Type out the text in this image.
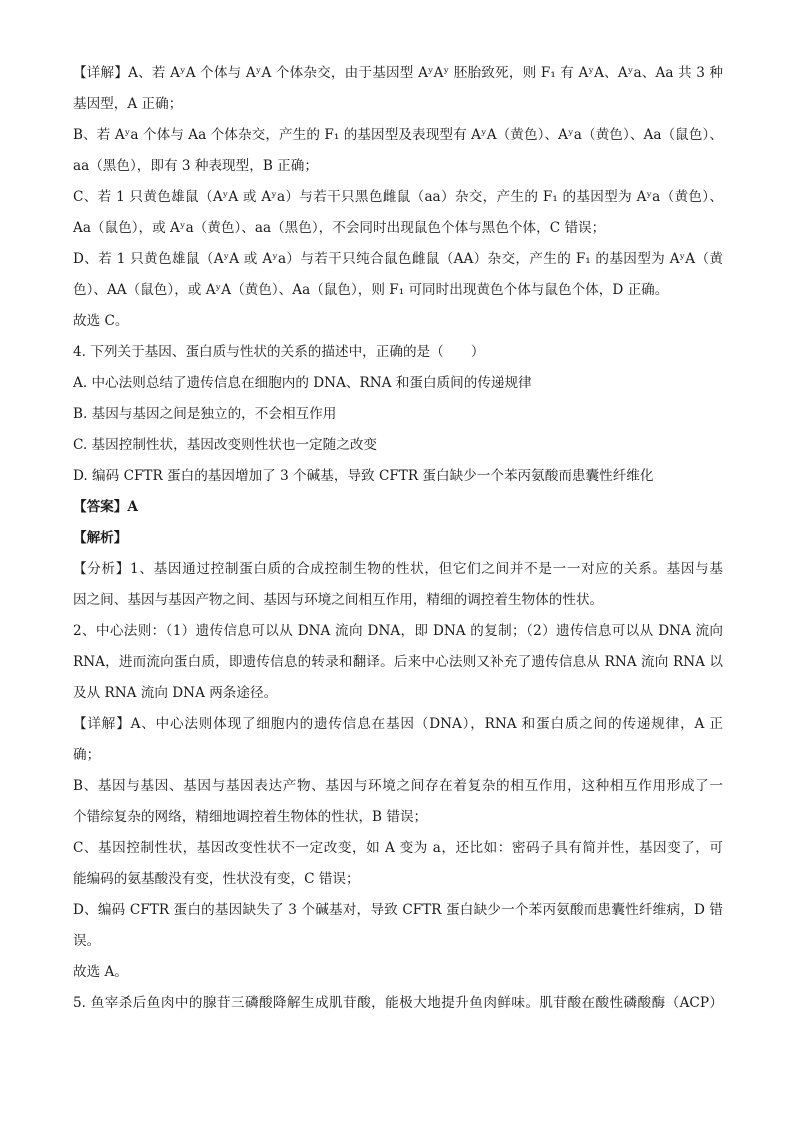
【详解】A、若 AʸA 个体与 AʸA 个体杂交，由于基因型 AʸAʸ 胚胎致死，则 F₁ 有 AʸA、Aʸa、Aa 共 3 种
基因型，A 正确；
B、若 Aʸa 个体与 Aa 个体杂交，产生的 F₁ 的基因型及表现型有 AʸA（黄色）、Aʸa（黄色）、Aa（鼠色）、
aa（黑色），即有 3 种表现型，B 正确；
C、若 1 只黄色雄鼠（AʸA 或 Aʸa）与若干只黑色雌鼠（aa）杂交，产生的 F₁ 的基因型为 Aʸa（黄色）、
Aa（鼠色），或 Aʸa（黄色）、aa（黑色），不会同时出现鼠色个体与黑色个体，C 错误；
D、若 1 只黄色雄鼠（AʸA 或 Aʸa）与若干只纯合鼠色雌鼠（AA）杂交，产生的 F₁ 的基因型为 AʸA（黄
色）、AA（鼠色），或 AʸA（黄色）、Aa（鼠色），则 F₁ 可同时出现黄色个体与鼠色个体，D 正确。
故选 C。
4. 下列关于基因、蛋白质与性状的关系的描述中，正确的是（　　）
A. 中心法则总结了遗传信息在细胞内的 DNA、RNA 和蛋白质间的传递规律
B. 基因与基因之间是独立的，不会相互作用
C. 基因控制性状，基因改变则性状也一定随之改变
D. 编码 CFTR 蛋白的基因增加了 3 个碱基，导致 CFTR 蛋白缺少一个苯丙氨酸而患囊性纤维化
【答案】A
【解析】
【分析】1、基因通过控制蛋白质的合成控制生物的性状，但它们之间并不是一一对应的关系。基因与基
因之间、基因与基因产物之间、基因与环境之间相互作用，精细的调控着生物体的性状。
2、中心法则：（1）遗传信息可以从 DNA 流向 DNA，即 DNA 的复制；（2）遗传信息可以从 DNA 流向
RNA，进而流向蛋白质，即遗传信息的转录和翻译。后来中心法则又补充了遗传信息从 RNA 流向 RNA 以
及从 RNA 流向 DNA 两条途径。
【详解】A、中心法则体现了细胞内的遗传信息在基因（DNA），RNA 和蛋白质之间的传递规律，A 正
确；
B、基因与基因、基因与基因表达产物、基因与环境之间存在着复杂的相互作用，这种相互作用形成了一
个错综复杂的网络，精细地调控着生物体的性状，B 错误；
C、基因控制性状，基因改变性状不一定改变，如 A 变为 a，还比如：密码子具有简并性，基因变了，可
能编码的氨基酸没有变，性状没有变，C 错误；
D、编码 CFTR 蛋白的基因缺失了 3 个碱基对，导致 CFTR 蛋白缺少一个苯丙氨酸而患囊性纤维病，D 错
误。
故选 A。
5. 鱼宰杀后鱼肉中的腺苷三磷酸降解生成肌苷酸，能极大地提升鱼肉鲜味。肌苷酸在酸性磷酸酶（ACP）
